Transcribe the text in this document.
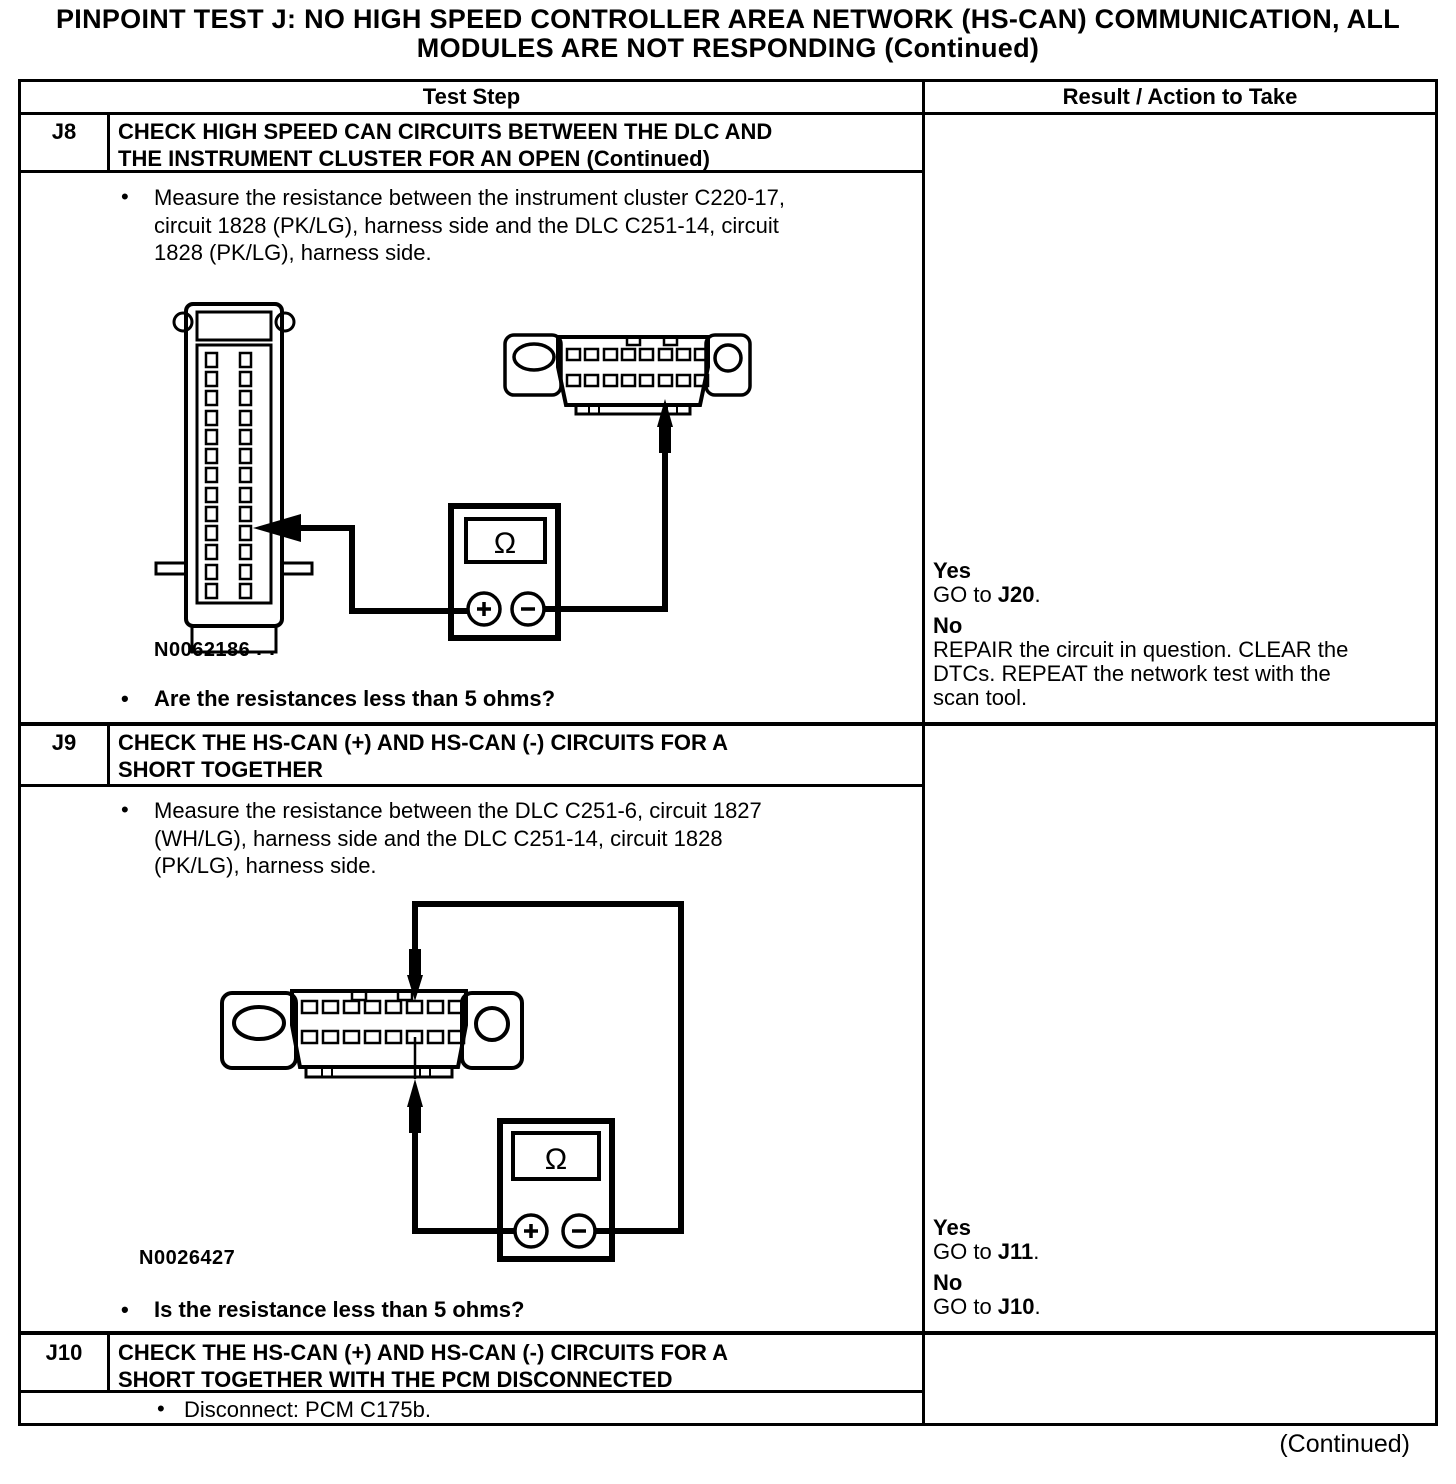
PINPOINT TEST J: NO HIGH SPEED CONTROLLER AREA NETWORK (HS-CAN) COMMUNICATION, ALL
MODULES ARE NOT RESPONDING (Continued)
Test Step	Result / Action to Take
J8	CHECK HIGH SPEED CAN CIRCUITS BETWEEN THE DLC AND
THE INSTRUMENT CLUSTER FOR AN OPEN (Continued)
• Measure the resistance between the instrument cluster C220-17,
circuit 1828 (PK/LG), harness side and the DLC C251-14, circuit
1828 (PK/LG), harness side.
Ω
N0062186
• Are the resistances less than 5 ohms?
Yes
GO to J20.
No
REPAIR the circuit in question. CLEAR the
DTCs. REPEAT the network test with the
scan tool.
J9	CHECK THE HS-CAN (+) AND HS-CAN (-) CIRCUITS FOR A
SHORT TOGETHER
• Measure the resistance between the DLC C251-6, circuit 1827
(WH/LG), harness side and the DLC C251-14, circuit 1828
(PK/LG), harness side.
Ω
N0026427
• Is the resistance less than 5 ohms?
Yes
GO to J11.
No
GO to J10.
J10	CHECK THE HS-CAN (+) AND HS-CAN (-) CIRCUITS FOR A
SHORT TOGETHER WITH THE PCM DISCONNECTED
• Disconnect: PCM C175b.
(Continued)
